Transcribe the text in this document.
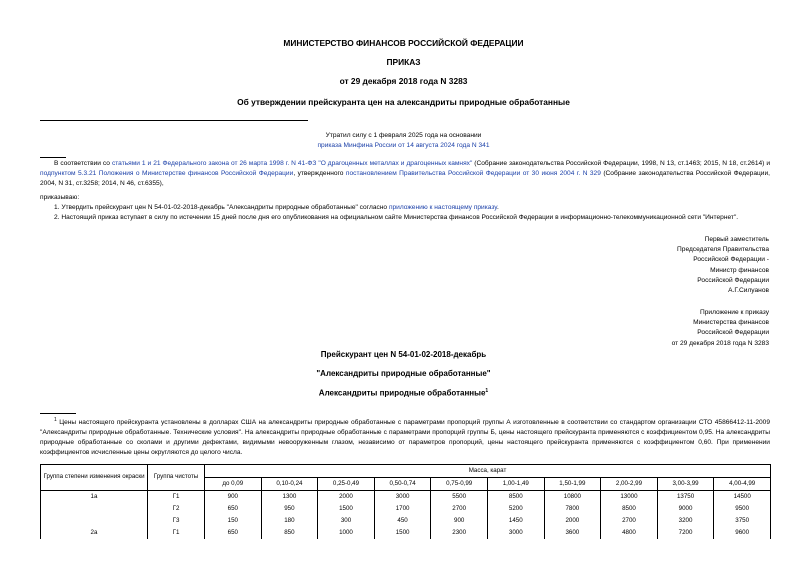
МИНИСТЕРСТВО ФИНАНСОВ РОССИЙСКОЙ ФЕДЕРАЦИИ
ПРИКАЗ
от 29 декабря 2018 года N 3283
Об утверждении прейскуранта цен на александриты природные обработанные
Утратил силу с 1 февраля 2025 года на основании
приказа Минфина России от 14 августа 2024 года N 341
В соответствии со статьями 1 и 21 Федерального закона от 26 марта 1998 г. N 41-ФЗ "О драгоценных металлах и драгоценных камнях" (Собрание законодательства Российской Федерации, 1998, N 13, ст.1463; 2015, N 18, ст.2614) и подпунктом 5.3.21 Положения о Министерстве финансов Российской Федерации, утвержденного постановлением Правительства Российской Федерации от 30 июня 2004 г. N 329 (Собрание законодательства Российской Федерации, 2004, N 31, ст.3258; 2014, N 46, ст.6355),
приказываю:
1. Утвердить прейскурант цен N 54-01-02-2018-декабрь "Александриты природные обработанные" согласно приложению к настоящему приказу.
2. Настоящий приказ вступает в силу по истечении 15 дней после дня его опубликования на официальном сайте Министерства финансов Российской Федерации в информационно-телекоммуникационной сети "Интернет".
Первый заместитель
Председателя Правительства
Российской Федерации -
Министр финансов
Российской Федерации
А.Г.Силуанов
Приложение к приказу
Министерства финансов
Российской Федерации
от 29 декабря 2018 года N 3283
Прейскурант цен N 54-01-02-2018-декабрь
"Александриты природные обработанные"
Александриты природные обработанные$^1$
$^1$ Цены настоящего прейскуранта установлены в долларах США на александриты природные обработанные с параметрами пропорций группы А изготовленные в соответствии со стандартом организации СТО 45866412-11-2009 "Александриты природные обработанные. Технические условия". На александриты природные обработанные с параметрами пропорций группы Б, цены настоящего прейскуранта применяются с коэффициентом 0,95. На александриты природные обработанные со сколами и другими дефектами, видимыми невооруженным глазом, независимо от параметров пропорций, цены настоящего прейскуранта применяются с коэффициентом 0,60. При применении коэффициентов исчисленные цены округляются до целого числа.
Группа степени изменения окраски	Группа чистоты	Масса, карат									
		до 0,09	0,10-0,24	0,25-0,49	0,50-0,74	0,75-0,99	1,00-1,49	1,50-1,99	2,00-2,99	3,00-3,99	4,00-4,99
1а	Г1	900	1300	2000	3000	5500	8500	10800	13000	13750	14500
	Г2	650	950	1500	1700	2700	5200	7800	8500	9000	9500
	Г3	150	180	300	450	900	1450	2000	2700	3200	3750
2а	Г1	650	850	1000	1500	2300	3000	3600	4800	7200	9600
